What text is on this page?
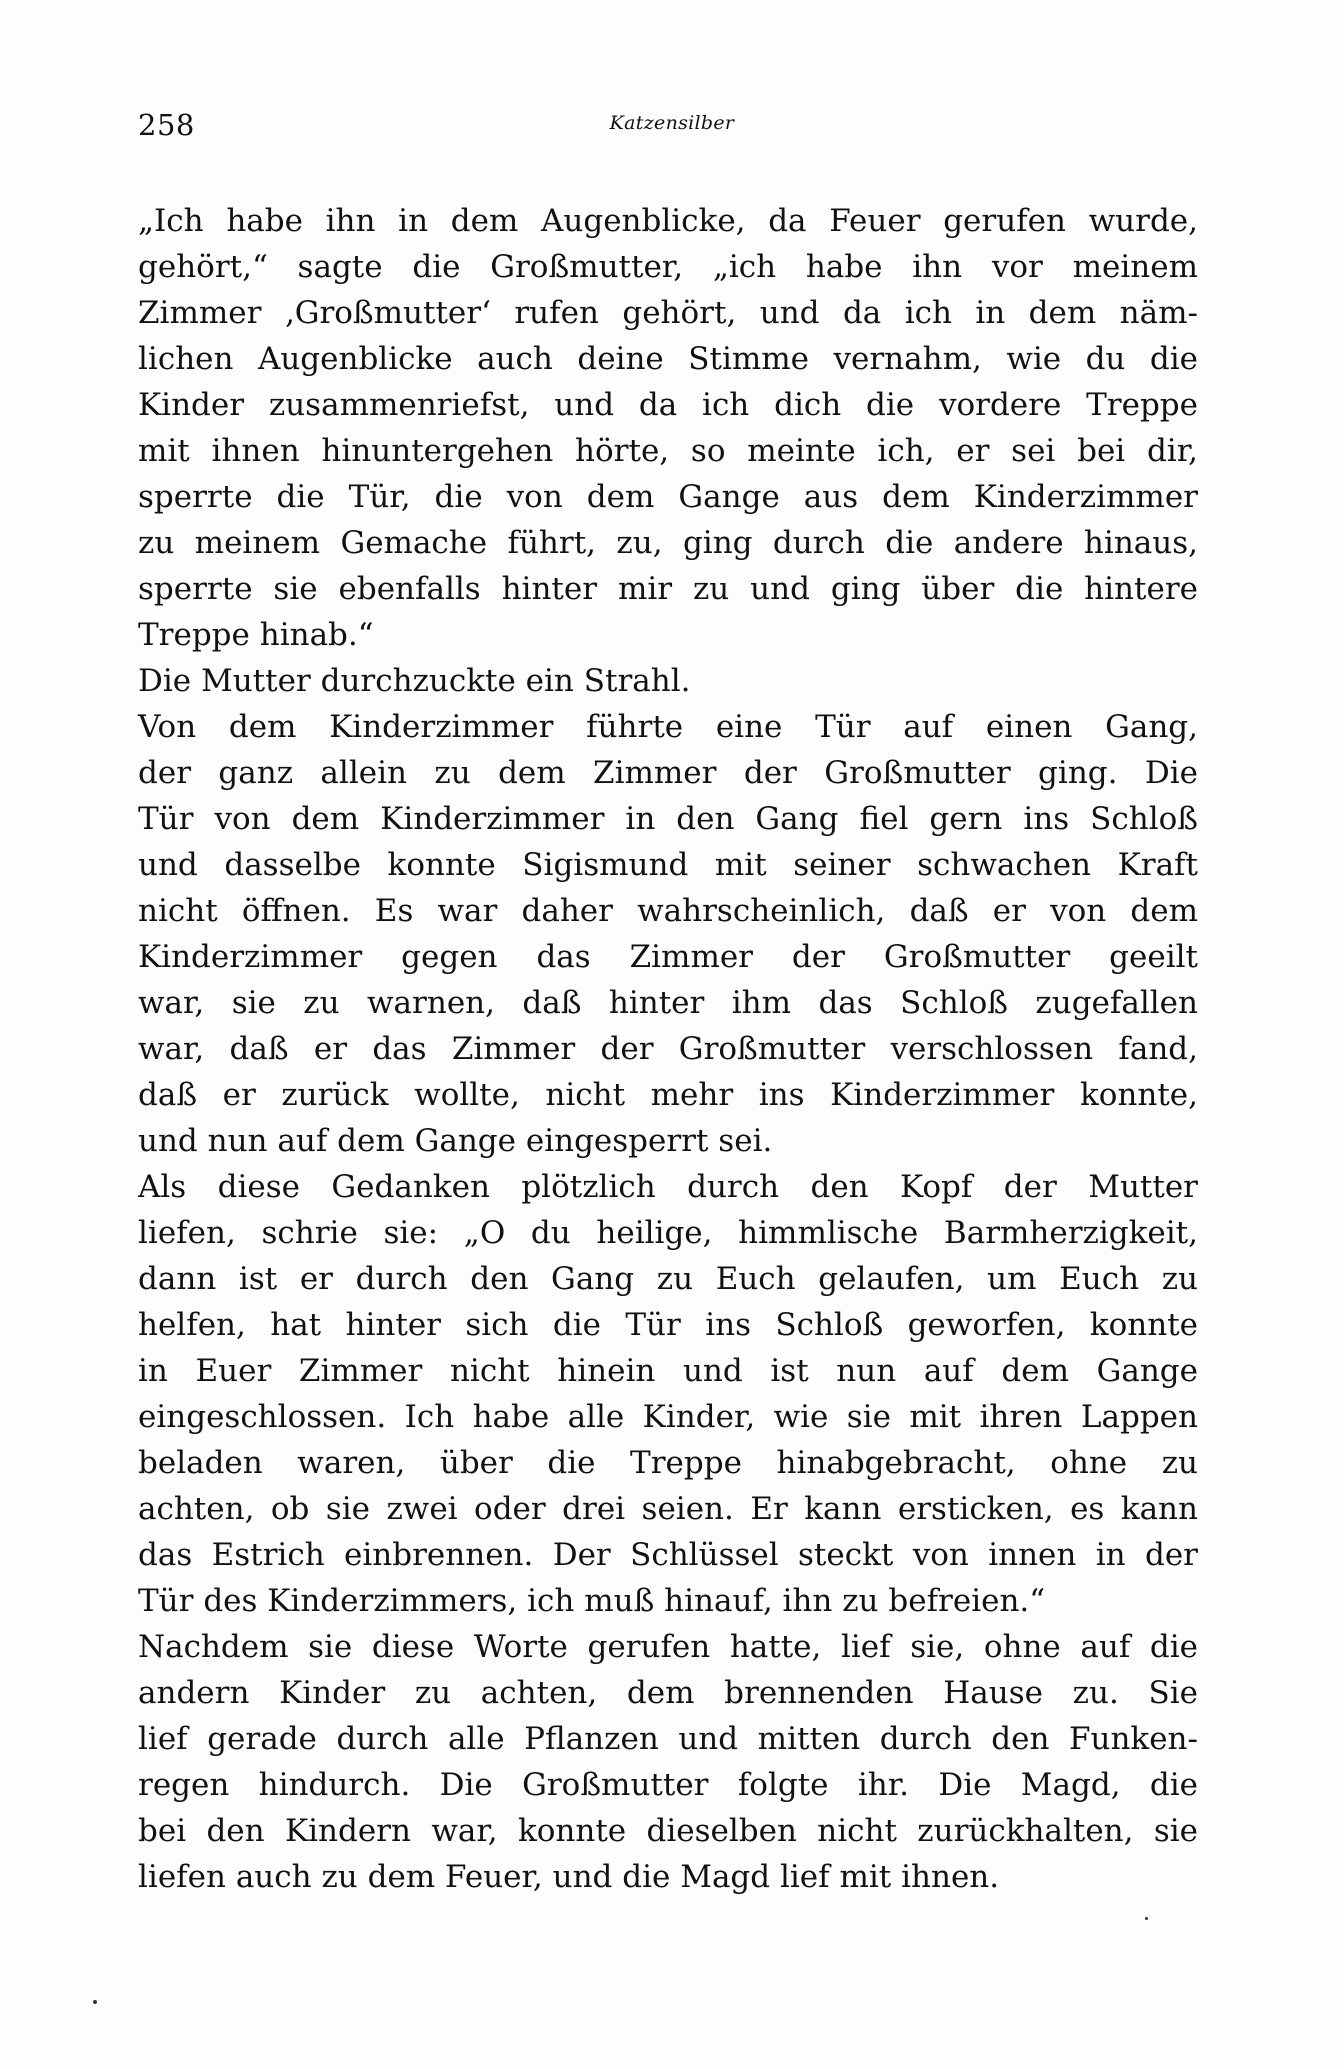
258	Katzensilber
„Ich habe ihn in dem Augenblicke, da Feuer gerufen wurde,
gehört,“ sagte die Großmutter, „ich habe ihn vor meinem
Zimmer ‚Großmutter‘ rufen gehört, und da ich in dem näm-
lichen Augenblicke auch deine Stimme vernahm, wie du die
Kinder zusammenriefst, und da ich dich die vordere Treppe
mit ihnen hinuntergehen hörte, so meinte ich, er sei bei dir,
sperrte die Tür, die von dem Gange aus dem Kinderzimmer
zu meinem Gemache führt, zu, ging durch die andere hinaus,
sperrte sie ebenfalls hinter mir zu und ging über die hintere
Treppe hinab.“
Die Mutter durchzuckte ein Strahl.
Von dem Kinderzimmer führte eine Tür auf einen Gang,
der ganz allein zu dem Zimmer der Großmutter ging. Die
Tür von dem Kinderzimmer in den Gang fiel gern ins Schloß
und dasselbe konnte Sigismund mit seiner schwachen Kraft
nicht öffnen. Es war daher wahrscheinlich, daß er von dem
Kinderzimmer gegen das Zimmer der Großmutter geeilt
war, sie zu warnen, daß hinter ihm das Schloß zugefallen
war, daß er das Zimmer der Großmutter verschlossen fand,
daß er zurück wollte, nicht mehr ins Kinderzimmer konnte,
und nun auf dem Gange eingesperrt sei.
Als diese Gedanken plötzlich durch den Kopf der Mutter
liefen, schrie sie: „O du heilige, himmlische Barmherzigkeit,
dann ist er durch den Gang zu Euch gelaufen, um Euch zu
helfen, hat hinter sich die Tür ins Schloß geworfen, konnte
in Euer Zimmer nicht hinein und ist nun auf dem Gange
eingeschlossen. Ich habe alle Kinder, wie sie mit ihren Lappen
beladen waren, über die Treppe hinabgebracht, ohne zu
achten, ob sie zwei oder drei seien. Er kann ersticken, es kann
das Estrich einbrennen. Der Schlüssel steckt von innen in der
Tür des Kinderzimmers, ich muß hinauf, ihn zu befreien.“
Nachdem sie diese Worte gerufen hatte, lief sie, ohne auf die
andern Kinder zu achten, dem brennenden Hause zu. Sie
lief gerade durch alle Pflanzen und mitten durch den Funken-
regen hindurch. Die Großmutter folgte ihr. Die Magd, die
bei den Kindern war, konnte dieselben nicht zurückhalten, sie
liefen auch zu dem Feuer, und die Magd lief mit ihnen.
